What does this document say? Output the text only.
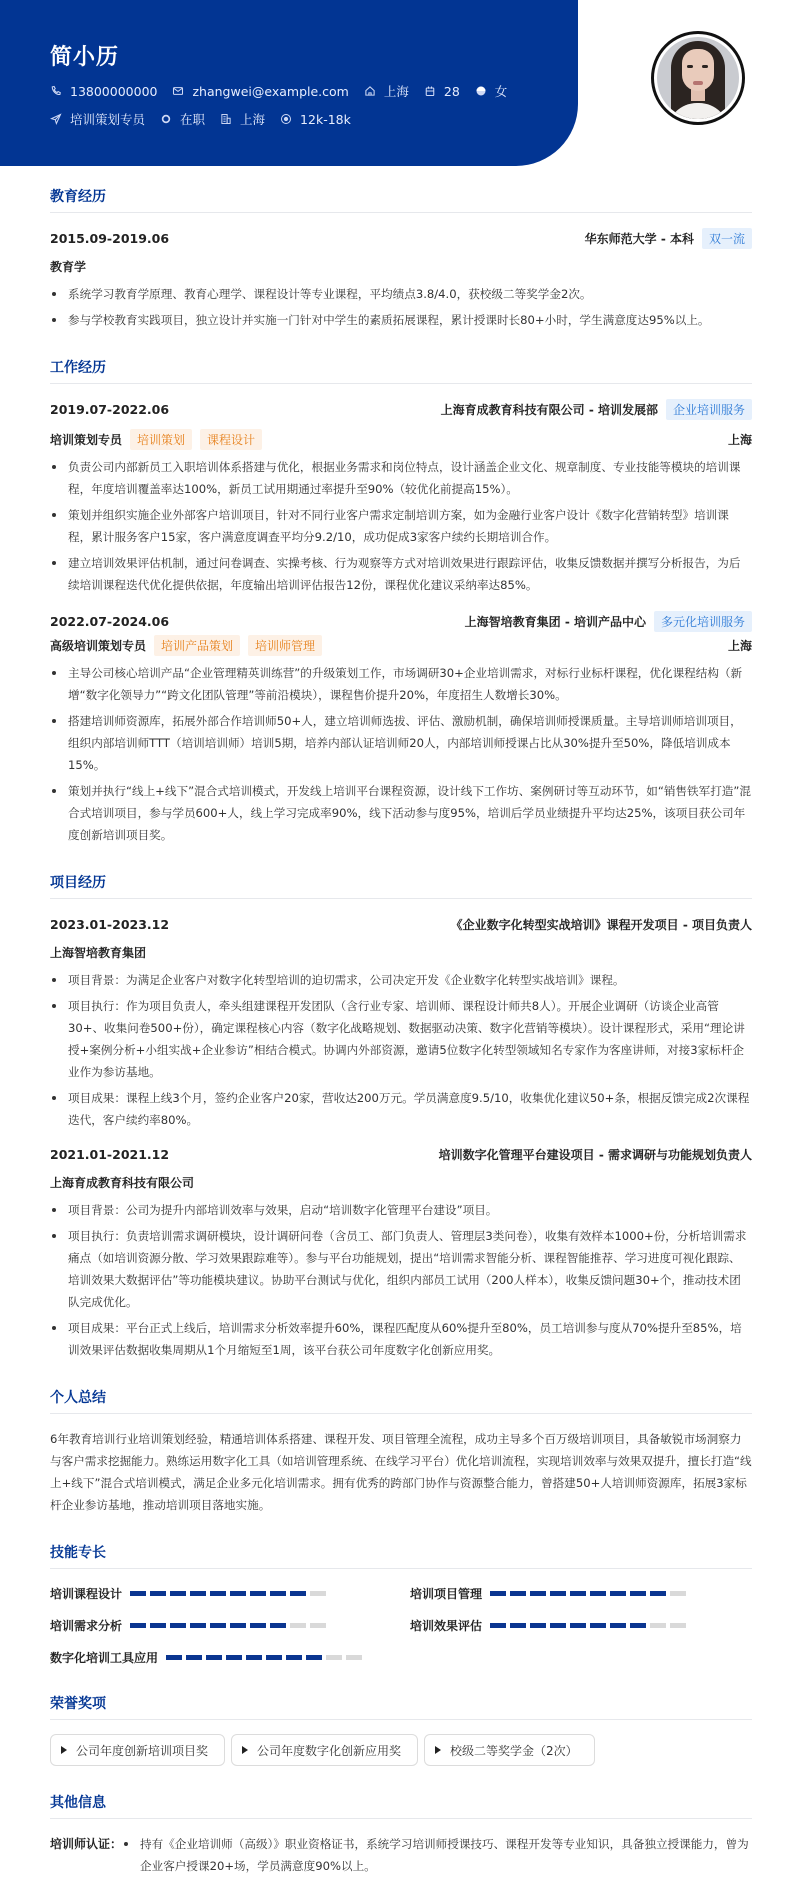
简小历
13800000000	zhangwei@example.com	上海	28	女
培训策划专员	在职	上海	12k-18k
教育经历
2015.09-2019.06	华东师范大学 - 本科	双一流
教育学
系统学习教育学原理、教育心理学、课程设计等专业课程，平均绩点3.8/4.0，获校级二等奖学金2次。
参与学校教育实践项目，独立设计并实施一门针对中学生的素质拓展课程，累计授课时长80+小时，学生满意度达95%以上。
工作经历
2019.07-2022.06	上海育成教育科技有限公司 - 培训发展部	企业培训服务
培训策划专员	培训策划	课程设计	上海
负责公司内部新员工入职培训体系搭建与优化，根据业务需求和岗位特点，设计涵盖企业文化、规章制度、专业技能等模块的培训课程，年度培训覆盖率达100%，新员工试用期通过率提升至90%（较优化前提高15%）。
策划并组织实施企业外部客户培训项目，针对不同行业客户需求定制培训方案，如为金融行业客户设计《数字化营销转型》培训课程，累计服务客户15家，客户满意度调查平均分9.2/10，成功促成3家客户续约长期培训合作。
建立培训效果评估机制，通过问卷调查、实操考核、行为观察等方式对培训效果进行跟踪评估，收集反馈数据并撰写分析报告，为后续培训课程迭代优化提供依据，年度输出培训评估报告12份，课程优化建议采纳率达85%。
2022.07-2024.06	上海智培教育集团 - 培训产品中心	多元化培训服务
高级培训策划专员	培训产品策划	培训师管理	上海
主导公司核心培训产品“企业管理精英训练营”的升级策划工作，市场调研30+企业培训需求，对标行业标杆课程，优化课程结构（新增“数字化领导力”“跨文化团队管理”等前沿模块），课程售价提升20%，年度招生人数增长30%。
搭建培训师资源库，拓展外部合作培训师50+人，建立培训师选拔、评估、激励机制，确保培训师授课质量。主导培训师培训项目，组织内部培训师TTT（培训培训师）培训5期，培养内部认证培训师20人，内部培训师授课占比从30%提升至50%，降低培训成本15%。
策划并执行“线上+线下”混合式培训模式，开发线上培训平台课程资源，设计线下工作坊、案例研讨等互动环节，如“销售铁军打造”混合式培训项目，参与学员600+人，线上学习完成率90%，线下活动参与度95%，培训后学员业绩提升平均达25%，该项目获公司年度创新培训项目奖。
项目经历
2023.01-2023.12	《企业数字化转型实战培训》课程开发项目 - 项目负责人
上海智培教育集团
项目背景：为满足企业客户对数字化转型培训的迫切需求，公司决定开发《企业数字化转型实战培训》课程。
项目执行：作为项目负责人，牵头组建课程开发团队（含行业专家、培训师、课程设计师共8人）。开展企业调研（访谈企业高管30+、收集问卷500+份），确定课程核心内容（数字化战略规划、数据驱动决策、数字化营销等模块）。设计课程形式，采用“理论讲授+案例分析+小组实战+企业参访”相结合模式。协调内外部资源，邀请5位数字化转型领域知名专家作为客座讲师，对接3家标杆企业作为参访基地。
项目成果：课程上线3个月，签约企业客户20家，营收达200万元。学员满意度9.5/10，收集优化建议50+条，根据反馈完成2次课程迭代，客户续约率80%。
2021.01-2021.12	培训数字化管理平台建设项目 - 需求调研与功能规划负责人
上海育成教育科技有限公司
项目背景：公司为提升内部培训效率与效果，启动“培训数字化管理平台建设”项目。
项目执行：负责培训需求调研模块，设计调研问卷（含员工、部门负责人、管理层3类问卷），收集有效样本1000+份，分析培训需求痛点（如培训资源分散、学习效果跟踪难等）。参与平台功能规划，提出“培训需求智能分析、课程智能推荐、学习进度可视化跟踪、培训效果大数据评估”等功能模块建议。协助平台测试与优化，组织内部员工试用（200人样本），收集反馈问题30+个，推动技术团队完成优化。
项目成果：平台正式上线后，培训需求分析效率提升60%，课程匹配度从60%提升至80%，员工培训参与度从70%提升至85%，培训效果评估数据收集周期从1个月缩短至1周，该平台获公司年度数字化创新应用奖。
个人总结

6年教育培训行业培训策划经验，精通培训体系搭建、课程开发、项目管理全流程，成功主导多个百万级培训项目，具备敏锐市场洞察力与客户需求挖掘能力。熟练运用数字化工具（如培训管理系统、在线学习平台）优化培训流程，实现培训效率与效果双提升，擅长打造“线上+线下”混合式培训模式，满足企业多元化培训需求。拥有优秀的跨部门协作与资源整合能力，曾搭建50+人培训师资源库，拓展3家标杆企业参访基地，推动培训项目落地实施。

技能专长
培训课程设计	培训项目管理
培训需求分析	培训效果评估
数字化培训工具应用
荣誉奖项
公司年度创新培训项目奖	公司年度数字化创新应用奖	校级二等奖学金（2次）
其他信息
培训师认证：	持有《企业培训师（高级）》职业资格证书，系统学习培训师授课技巧、课程开发等专业知识，具备独立授课能力，曾为企业客户授课20+场，学员满意度90%以上。
